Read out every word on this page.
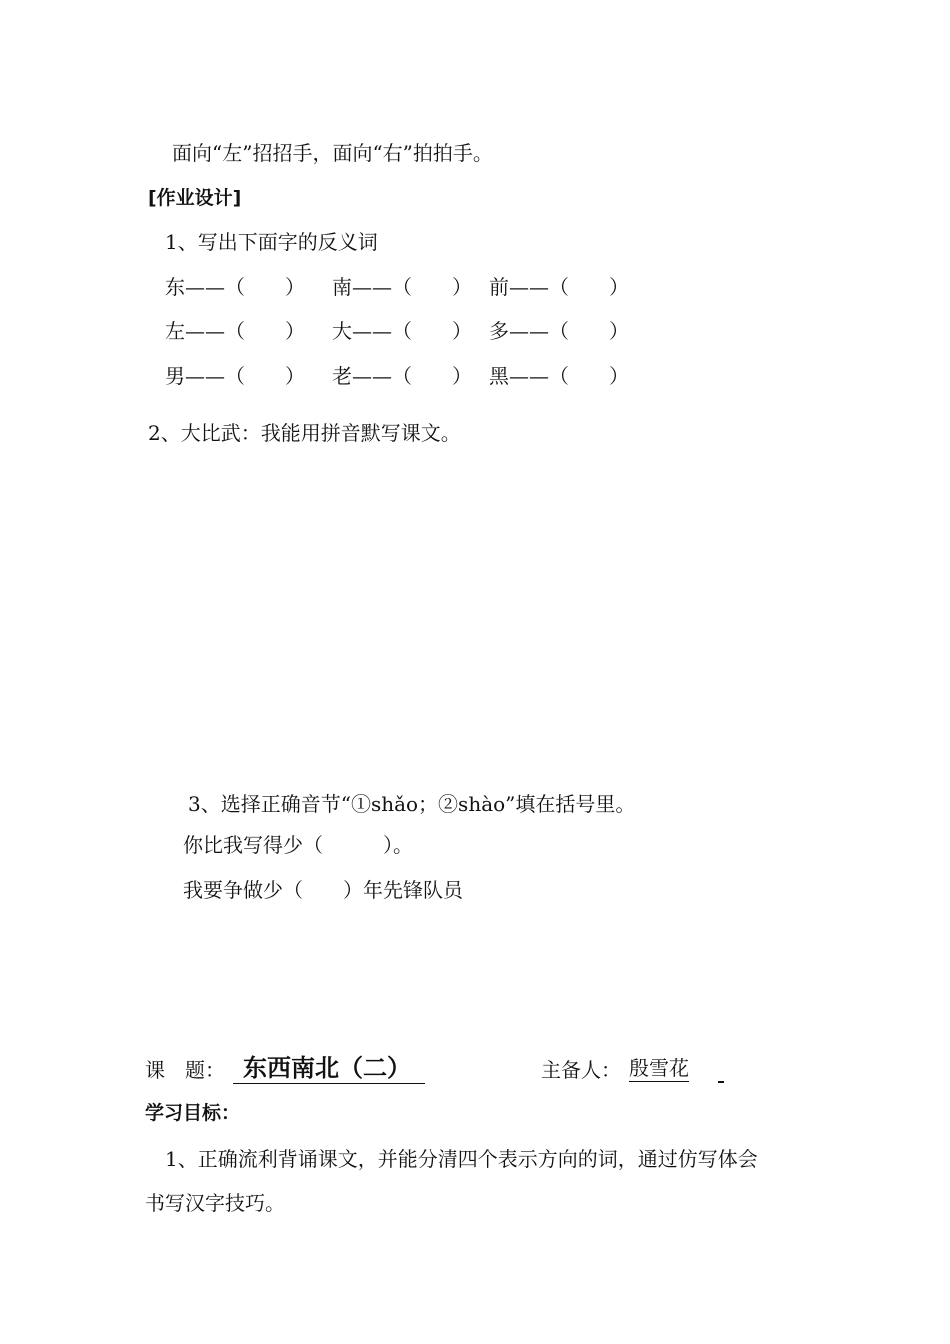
面向“左”招招手，面向“右”拍拍手。
[作业设计]
1、写出下面字的反义词
东——（　　） 南——（　　） 前——（　　）
左——（　　） 大——（　　） 多——（　　）
男——（　　） 老——（　　） 黑——（　　）
2、大比武：我能用拼音默写课文。
3、选择正确音节“①shǎo；②shào”填在括号里。
你比我写得少（　　　）。
我要争做少（　　）年先锋队员
课　题： 东西南北（二）	主备人： 殷雪花
学习目标：
1、正确流利背诵课文，并能分清四个表示方向的词，通过仿写体会
书写汉字技巧。
